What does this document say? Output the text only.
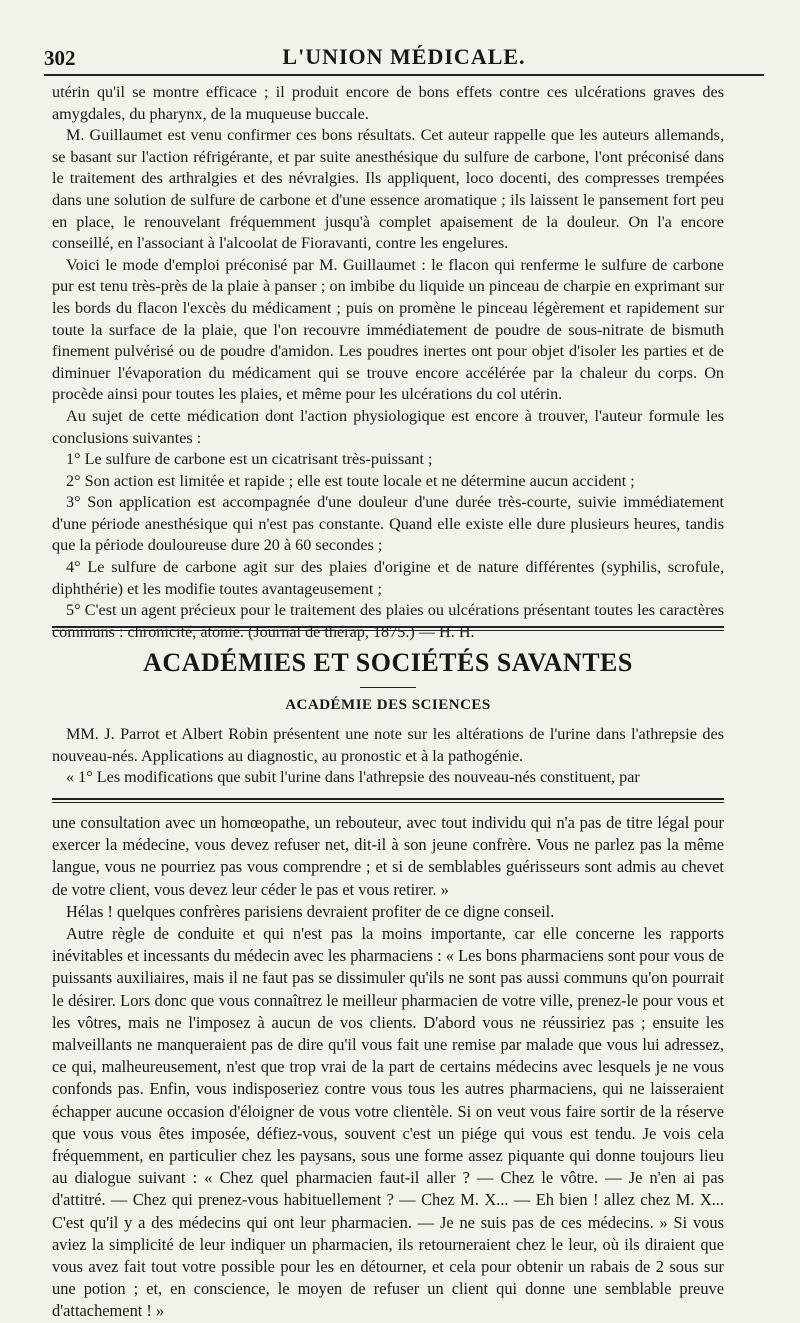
302	L'UNION MÉDICALE.

utérin qu'il se montre efficace ; il produit encore de bons effets contre ces ulcérations graves des amygdales, du pharynx, de la muqueuse buccale.

M. Guillaumet est venu confirmer ces bons résultats. Cet auteur rappelle que les auteurs allemands, se basant sur l'action réfrigérante, et par suite anesthésique du sulfure de carbone, l'ont préconisé dans le traitement des arthralgies et des névralgies. Ils appliquent, loco docenti, des compresses trempées dans une solution de sulfure de carbone et d'une essence aromatique ; ils laissent le pansement fort peu en place, le renouvelant fréquemment jusqu'à complet apaisement de la douleur. On l'a encore conseillé, en l'associant à l'alcoolat de Fioravanti, contre les engelures.

Voici le mode d'emploi préconisé par M. Guillaumet : le flacon qui renferme le sulfure de carbone pur est tenu très-près de la plaie à panser ; on imbibe du liquide un pinceau de charpie en exprimant sur les bords du flacon l'excès du médicament ; puis on promène le pinceau légèrement et rapidement sur toute la surface de la plaie, que l'on recouvre immédiatement de poudre de sous-nitrate de bismuth finement pulvérisé ou de poudre d'amidon. Les poudres inertes ont pour objet d'isoler les parties et de diminuer l'évaporation du médicament qui se trouve encore accélérée par la chaleur du corps. On procède ainsi pour toutes les plaies, et même pour les ulcérations du col utérin.

Au sujet de cette médication dont l'action physiologique est encore à trouver, l'auteur formule les conclusions suivantes :

1° Le sulfure de carbone est un cicatrisant très-puissant ;

2° Son action est limitée et rapide ; elle est toute locale et ne détermine aucun accident ;

3° Son application est accompagnée d'une douleur d'une durée très-courte, suivie immédiatement d'une période anesthésique qui n'est pas constante. Quand elle existe elle dure plusieurs heures, tandis que la période douloureuse dure 20 à 60 secondes ;

4° Le sulfure de carbone agit sur des plaies d'origine et de nature différentes (syphilis, scrofule, diphthérie) et les modifie toutes avantageusement ;

5° C'est un agent précieux pour le traitement des plaies ou ulcérations présentant toutes les caractères communs : chronicité, atonie. (Journal de thérap, 1875.) — H. H.

ACADÉMIES ET SOCIÉTÉS SAVANTES
ACADÉMIE DES SCIENCES

MM. J. Parrot et Albert Robin présentent une note sur les altérations de l'urine dans l'athrepsie des nouveau-nés. Applications au diagnostic, au pronostic et à la pathogénie.

« 1° Les modifications que subit l'urine dans l'athrepsie des nouveau-nés constituent, par

une consultation avec un homœopathe, un rebouteur, avec tout individu qui n'a pas de titre légal pour exercer la médecine, vous devez refuser net, dit-il à son jeune confrère. Vous ne parlez pas la même langue, vous ne pourriez pas vous comprendre ; et si de semblables guérisseurs sont admis au chevet de votre client, vous devez leur céder le pas et vous retirer. »

Hélas ! quelques confrères parisiens devraient profiter de ce digne conseil.

Autre règle de conduite et qui n'est pas la moins importante, car elle concerne les rapports inévitables et incessants du médecin avec les pharmaciens : « Les bons pharmaciens sont pour vous de puissants auxiliaires, mais il ne faut pas se dissimuler qu'ils ne sont pas aussi communs qu'on pourrait le désirer. Lors donc que vous connaîtrez le meilleur pharmacien de votre ville, prenez-le pour vous et les vôtres, mais ne l'imposez à aucun de vos clients. D'abord vous ne réussiriez pas ; ensuite les malveillants ne manqueraient pas de dire qu'il vous fait une remise par malade que vous lui adressez, ce qui, malheureusement, n'est que trop vrai de la part de certains médecins avec lesquels je ne vous confonds pas. Enfin, vous indisposeriez contre vous tous les autres pharmaciens, qui ne laisseraient échapper aucune occasion d'éloigner de vous votre clientèle. Si on veut vous faire sortir de la réserve que vous vous êtes imposée, défiez-vous, souvent c'est un piége qui vous est tendu. Je vois cela fréquemment, en particulier chez les paysans, sous une forme assez piquante qui donne toujours lieu au dialogue suivant : « Chez quel pharmacien faut-il aller ? — Chez le vôtre. — Je n'en ai pas d'attitré. — Chez qui prenez-vous habituellement ? — Chez M. X... — Eh bien ! allez chez M. X... C'est qu'il y a des médecins qui ont leur pharmacien. — Je ne suis pas de ces médecins. » Si vous aviez la simplicité de leur indiquer un pharmacien, ils retourneraient chez le leur, où ils diraient que vous avez fait tout votre possible pour les en détourner, et cela pour obtenir un rabais de 2 sous sur une potion ; et, en conscience, le moyen de refuser un client qui donne une semblable preuve d'attachement ! »
